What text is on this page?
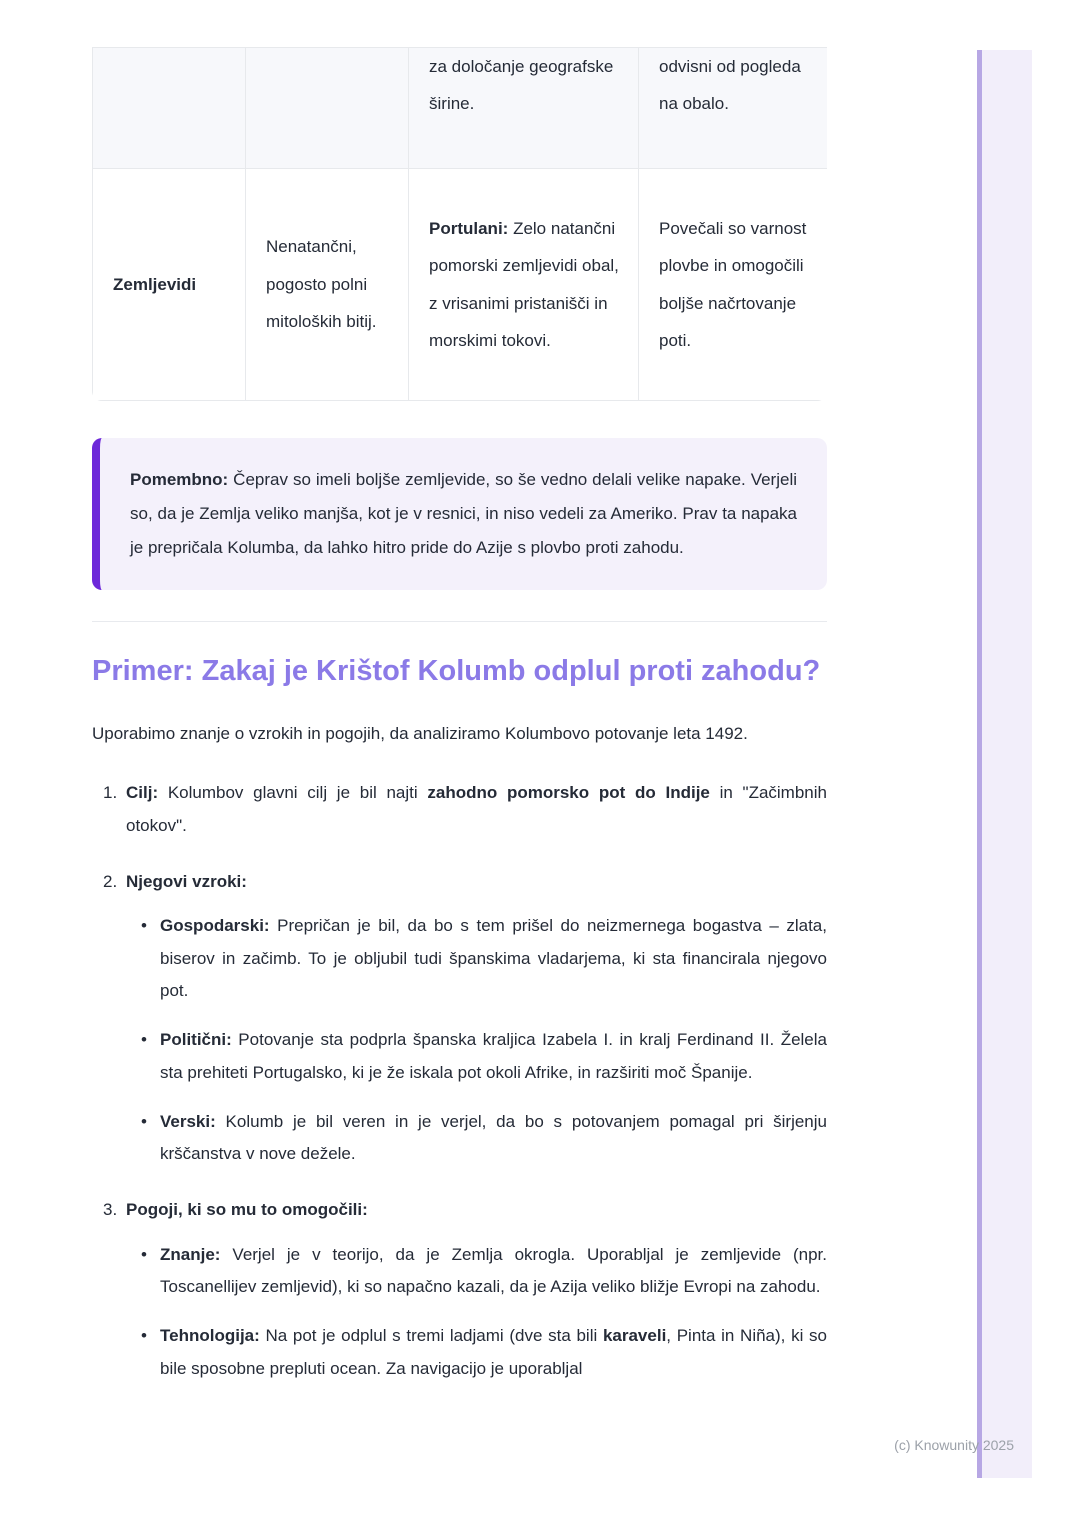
(c) Knowunity 2025
		za določanje geografske širine.	odvisni od pogleda na obalo.
Zemljevidi	Nenatančni, pogosto polni mitoloških bitij.	Portulani: Zelo natančni pomorski zemljevidi obal, z vrisanimi pristanišči in morskimi tokovi.	Povečali so varnost plovbe in omogočili boljše načrtovanje poti.
Pomembno: Čeprav so imeli boljše zemljevide, so še vedno delali velike napake. Verjeli so, da je Zemlja veliko manjša, kot je v resnici, in niso vedeli za Ameriko. Prav ta napaka je prepričala Kolumba, da lahko hitro pride do Azije s plovbo proti zahodu.
Primer: Zakaj je Krištof Kolumb odplul proti zahodu?

Uporabimo znanje o vzrokih in pogojih, da analiziramo Kolumbovo potovanje leta 1492.

1. Cilj: Kolumbov glavni cilj je bil najti zahodno pomorsko pot do Indije in "Začimbnih otokov".
2. Njegovi vzroki:
• Gospodarski: Prepričan je bil, da bo s tem prišel do neizmernega bogastva – zlata, biserov in začimb. To je obljubil tudi španskima vladarjema, ki sta financirala njegovo pot.
• Politični: Potovanje sta podprla španska kraljica Izabela I. in kralj Ferdinand II. Želela sta prehiteti Portugalsko, ki je že iskala pot okoli Afrike, in razširiti moč Španije.
• Verski: Kolumb je bil veren in je verjel, da bo s potovanjem pomagal pri širjenju krščanstva v nove dežele.
3. Pogoji, ki so mu to omogočili:
• Znanje: Verjel je v teorijo, da je Zemlja okrogla. Uporabljal je zemljevide (npr. Toscanellijev zemljevid), ki so napačno kazali, da je Azija veliko bližje Evropi na zahodu.
• Tehnologija: Na pot je odplul s tremi ladjami (dve sta bili karaveli, Pinta in Niña), ki so bile sposobne prepluti ocean. Za navigacijo je uporabljal
